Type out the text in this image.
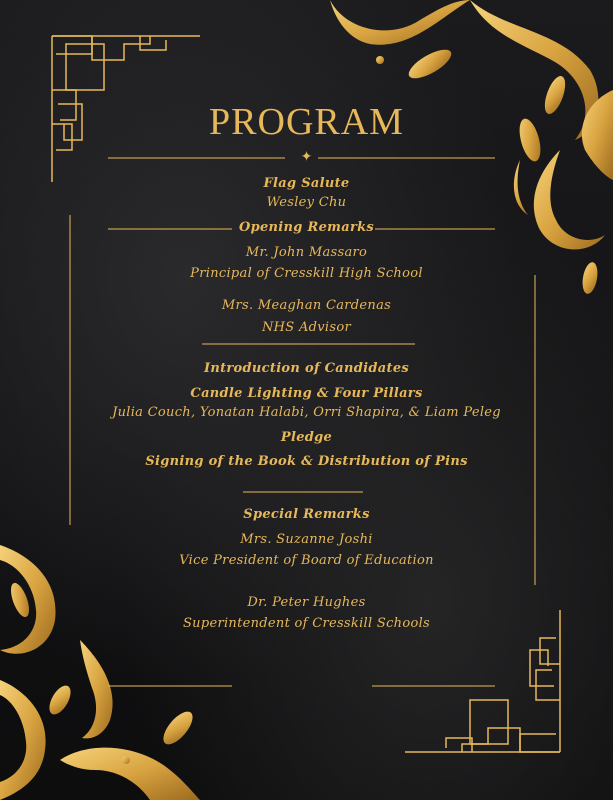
PROGRAM
✦
Flag Salute
Wesley Chu
Opening Remarks
Mr. John Massaro
Principal of Cresskill High School
Mrs. Meaghan Cardenas
NHS Advisor
Introduction of Candidates
Candle Lighting & Four Pillars
Julia Couch, Yonatan Halabi, Orri Shapira, & Liam Peleg
Pledge
Signing of the Book & Distribution of Pins
Special Remarks
Mrs. Suzanne Joshi
Vice President of Board of Education
Dr. Peter Hughes
Superintendent of Cresskill Schools
